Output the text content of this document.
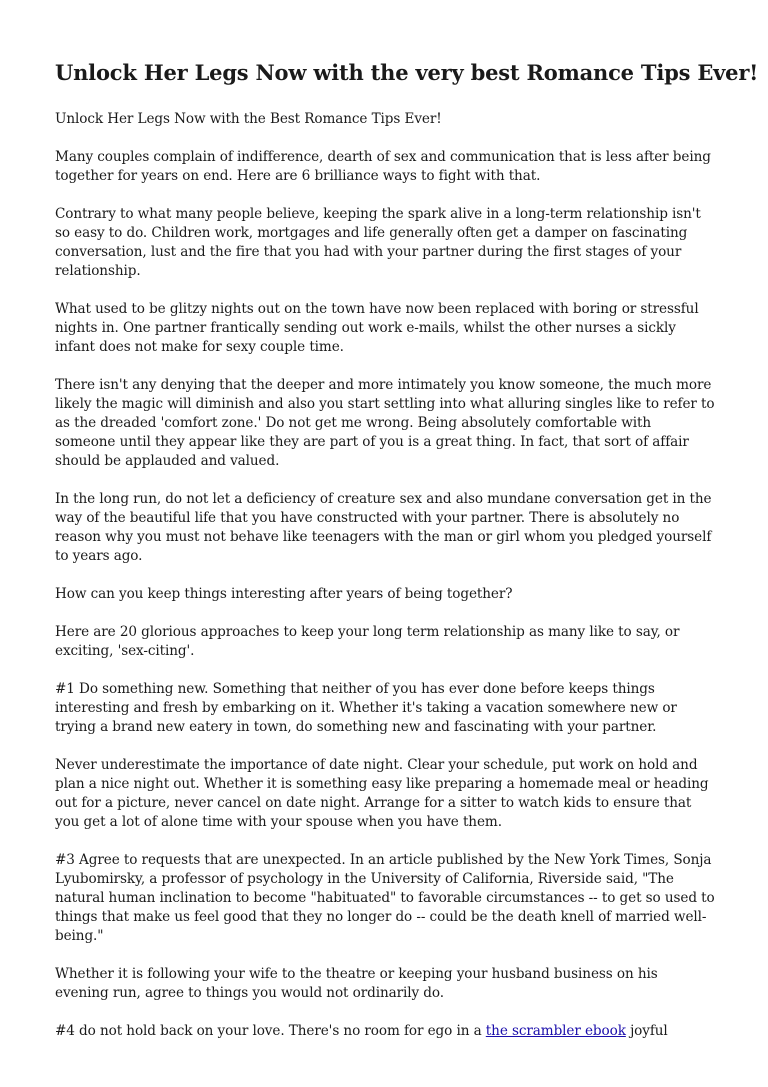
Unlock Her Legs Now with the very best Romance Tips Ever!

Unlock Her Legs Now with the Best Romance Tips Ever!

Many couples complain of indifference, dearth of sex and communication that is less after being together for years on end. Here are 6 brilliance ways to fight with that.

Contrary to what many people believe, keeping the spark alive in a long-term relationship isn't so easy to do. Children work, mortgages and life generally often get a damper on fascinating conversation, lust and the fire that you had with your partner during the first stages of your relationship.

What used to be glitzy nights out on the town have now been replaced with boring or stressful nights in. One partner frantically sending out work e-mails, whilst the other nurses a sickly infant does not make for sexy couple time.

There isn't any denying that the deeper and more intimately you know someone, the much more likely the magic will diminish and also you start settling into what alluring singles like to refer to as the dreaded 'comfort zone.' Do not get me wrong. Being absolutely comfortable with someone until they appear like they are part of you is a great thing. In fact, that sort of affair should be applauded and valued.

In the long run, do not let a deficiency of creature sex and also mundane conversation get in the way of the beautiful life that you have constructed with your partner. There is absolutely no reason why you must not behave like teenagers with the man or girl whom you pledged yourself to years ago.

How can you keep things interesting after years of being together?

Here are 20 glorious approaches to keep your long term relationship as many like to say, or exciting, 'sex-citing'.

#1 Do something new. Something that neither of you has ever done before keeps things interesting and fresh by embarking on it. Whether it's taking a vacation somewhere new or trying a brand new eatery in town, do something new and fascinating with your partner.

Never underestimate the importance of date night. Clear your schedule, put work on hold and plan a nice night out. Whether it is something easy like preparing a homemade meal or heading out for a picture, never cancel on date night. Arrange for a sitter to watch kids to ensure that you get a lot of alone time with your spouse when you have them.

#3 Agree to requests that are unexpected. In an article published by the New York Times, Sonja Lyubomirsky, a professor of psychology in the University of California, Riverside said, "The natural human inclination to become "habituated" to favorable circumstances -- to get so used to things that make us feel good that they no longer do -- could be the death knell of married well-being."

Whether it is following your wife to the theatre or keeping your husband business on his evening run, agree to things you would not ordinarily do.

#4 do not hold back on your love. There's no room for ego in a the scrambler ebook joyful
